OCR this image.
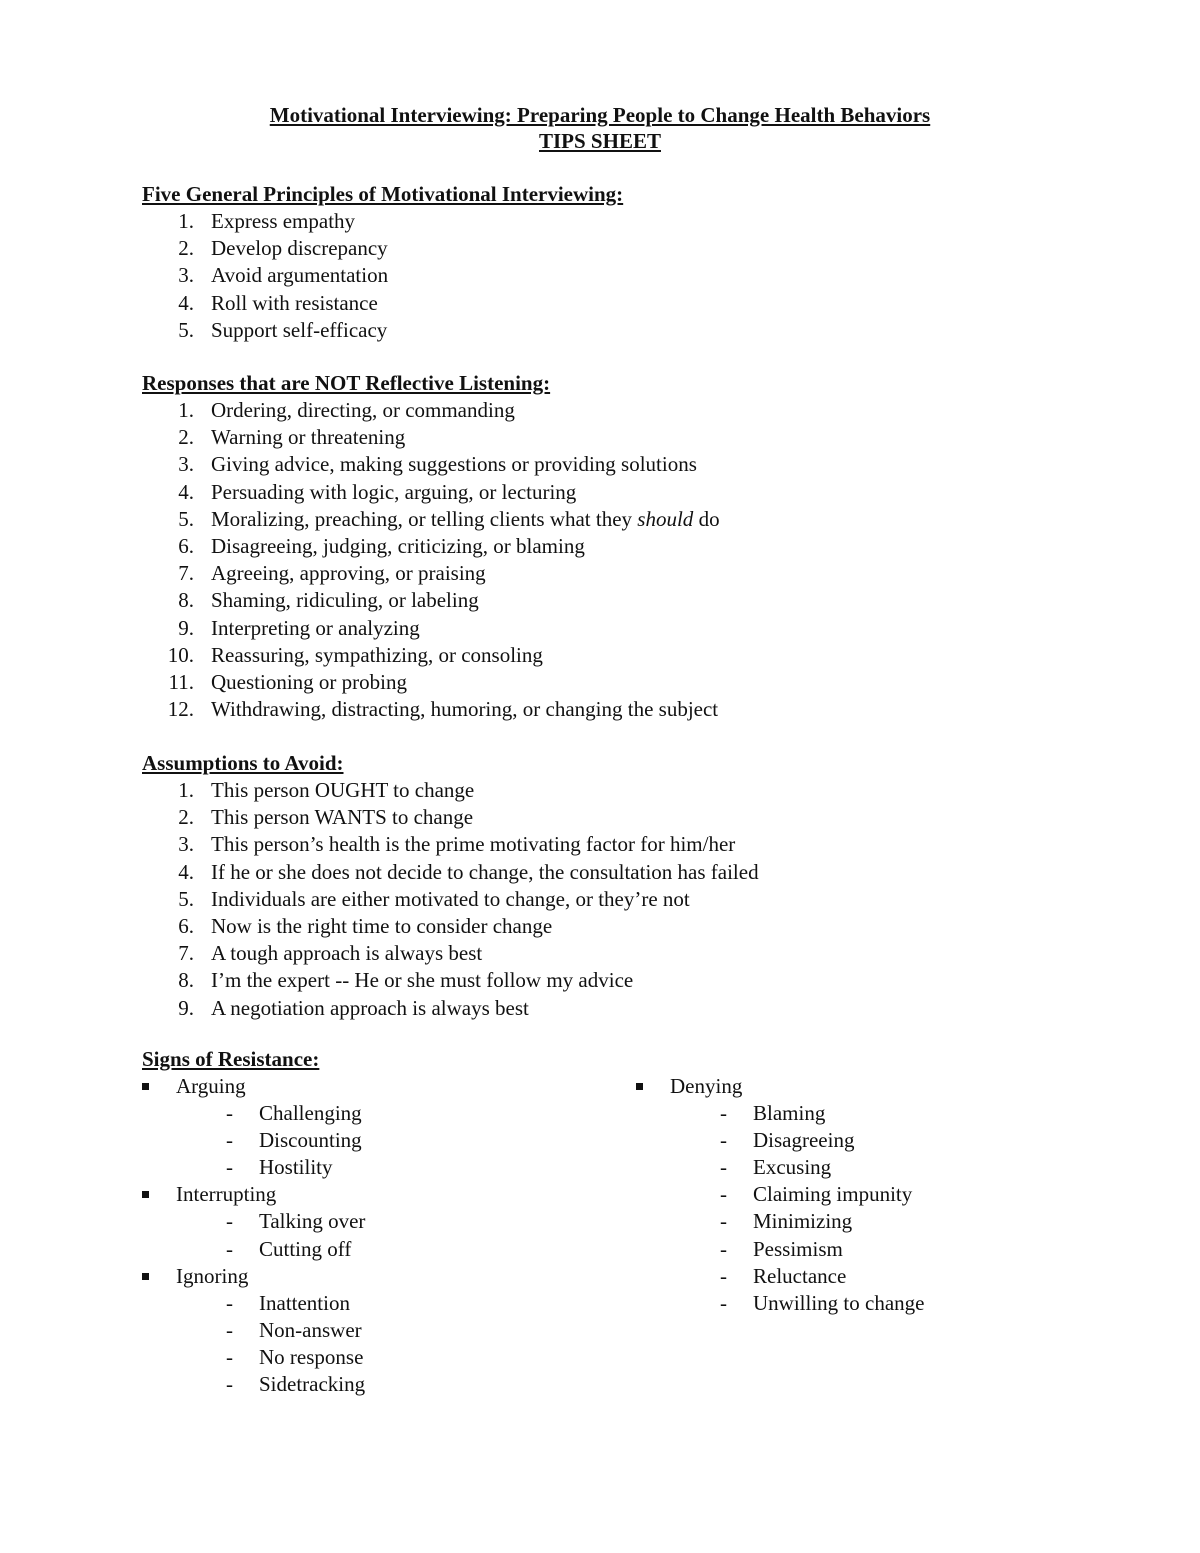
Motivational Interviewing: Preparing People to Change Health Behaviors
TIPS SHEET
Five General Principles of Motivational Interviewing:
1. Express empathy
2. Develop discrepancy
3. Avoid argumentation
4. Roll with resistance
5. Support self-efficacy
Responses that are NOT Reflective Listening:
1. Ordering, directing, or commanding
2. Warning or threatening
3. Giving advice, making suggestions or providing solutions
4. Persuading with logic, arguing, or lecturing
5. Moralizing, preaching, or telling clients what they should do
6. Disagreeing, judging, criticizing, or blaming
7. Agreeing, approving, or praising
8. Shaming, ridiculing, or labeling
9. Interpreting or analyzing
10. Reassuring, sympathizing, or consoling
11. Questioning or probing
12. Withdrawing, distracting, humoring, or changing the subject
Assumptions to Avoid:
1. This person OUGHT to change
2. This person WANTS to change
3. This person’s health is the prime motivating factor for him/her
4. If he or she does not decide to change, the consultation has failed
5. Individuals are either motivated to change, or they’re not
6. Now is the right time to consider change
7. A tough approach is always best
8. I’m the expert -- He or she must follow my advice
9. A negotiation approach is always best
Signs of Resistance:
Arguing
- Challenging
- Discounting
- Hostility
Interrupting
- Talking over
- Cutting off
Ignoring
- Inattention
- Non-answer
- No response
- Sidetracking
Denying
- Blaming
- Disagreeing
- Excusing
- Claiming impunity
- Minimizing
- Pessimism
- Reluctance
- Unwilling to change
